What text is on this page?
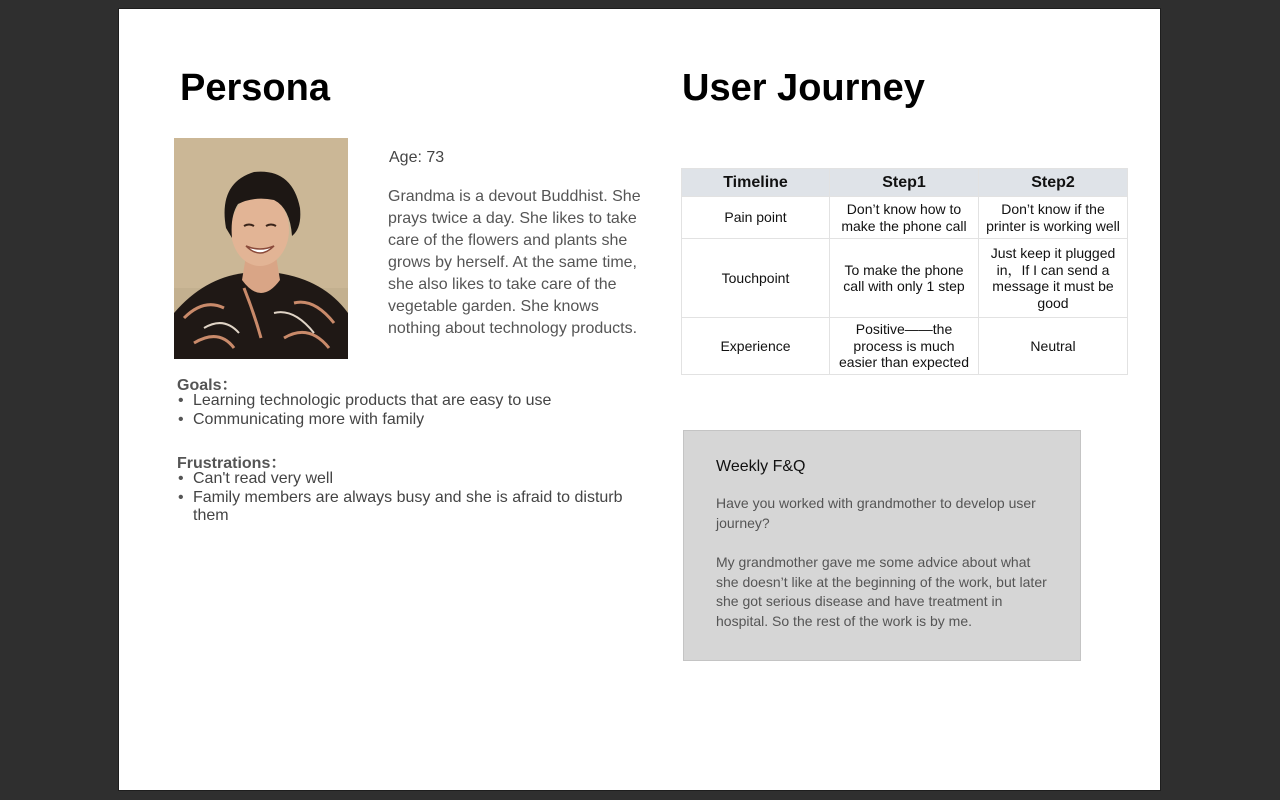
Persona	User Journey
Age: 73

Grandma is a devout Buddhist. She prays twice a day. She likes to take care of the flowers and plants she grows by herself. At the same time, she also likes to take care of the vegetable garden. She knows nothing about technology products.

Goals：

• Learning technologic products that are easy to use
• Communicating more with family

Frustrations：

• Can't read very well
• Family members are always busy and she is afraid to disturb them
Timeline	Step1	Step2
Pain point	Don’t know how to make the phone call	Don’t know if the printer is working well
Touchpoint	To make the phone call with only 1 step	Just keep it plugged in，If I can send a message it must be good
Experience	Positive——the process is much easier than expected	Neutral
Weekly F&Q

Have you worked with grandmother to develop user journey?

My grandmother gave me some advice about what she doesn’t like at the beginning of the work, but later she got serious disease and have treatment in hospital. So the rest of the work is by me.
